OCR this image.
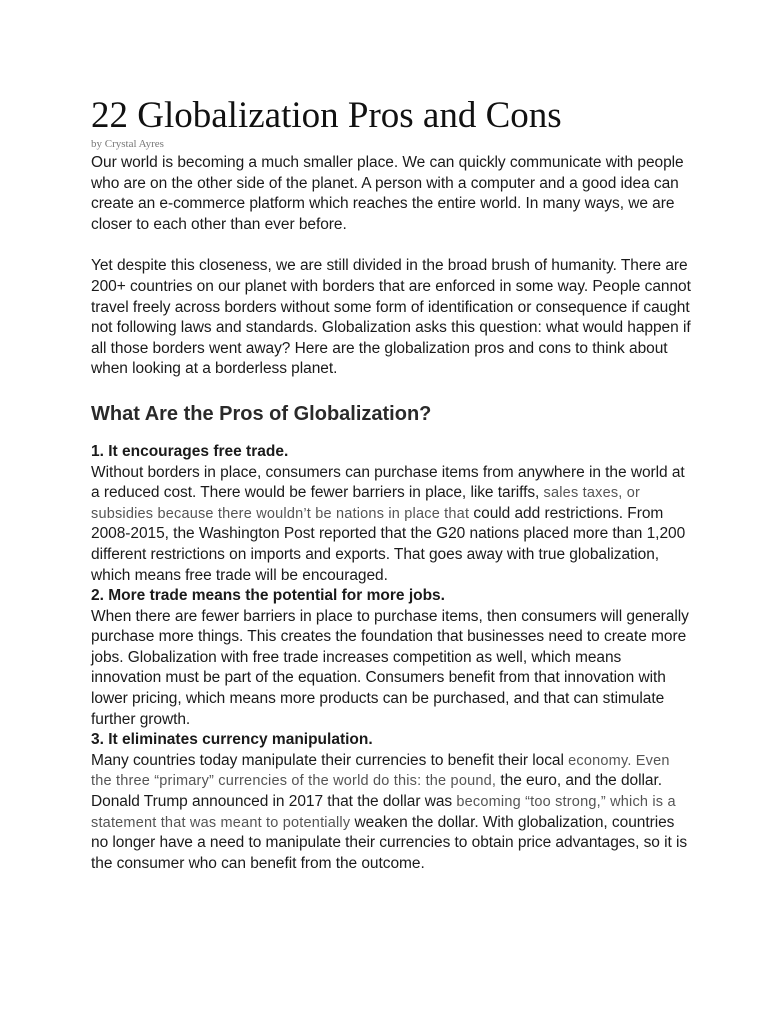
22 Globalization Pros and Cons
by Crystal Ayres

Our world is becoming a much smaller place. We can quickly communicate with people who are on the other side of the planet. A person with a computer and a good idea can create an e-commerce platform which reaches the entire world. In many ways, we are closer to each other than ever before.

Yet despite this closeness, we are still divided in the broad brush of humanity. There are 200+ countries on our planet with borders that are enforced in some way. People cannot travel freely across borders without some form of identification or consequence if caught not following laws and standards. Globalization asks this question: what would happen if all those borders went away? Here are the globalization pros and cons to think about when looking at a borderless planet.

What Are the Pros of Globalization?
1. It encourages free trade.

Without borders in place, consumers can purchase items from anywhere in the world at a reduced cost. There would be fewer barriers in place, like tariffs, sales taxes, or subsidies because there wouldn’t be nations in place that could add restrictions. From 2008-2015, the Washington Post reported that the G20 nations placed more than 1,200 different restrictions on imports and exports. That goes away with true globalization, which means free trade will be encouraged.

2. More trade means the potential for more jobs.

When there are fewer barriers in place to purchase items, then consumers will generally purchase more things. This creates the foundation that businesses need to create more jobs. Globalization with free trade increases competition as well, which means innovation must be part of the equation. Consumers benefit from that innovation with lower pricing, which means more products can be purchased, and that can stimulate further growth.

3. It eliminates currency manipulation.

Many countries today manipulate their currencies to benefit their local economy. Even the three “primary” currencies of the world do this: the pound, the euro, and the dollar. Donald Trump announced in 2017 that the dollar was becoming “too strong,” which is a statement that was meant to potentially weaken the dollar. With globalization, countries no longer have a need to manipulate their currencies to obtain price advantages, so it is the consumer who can benefit from the outcome.
